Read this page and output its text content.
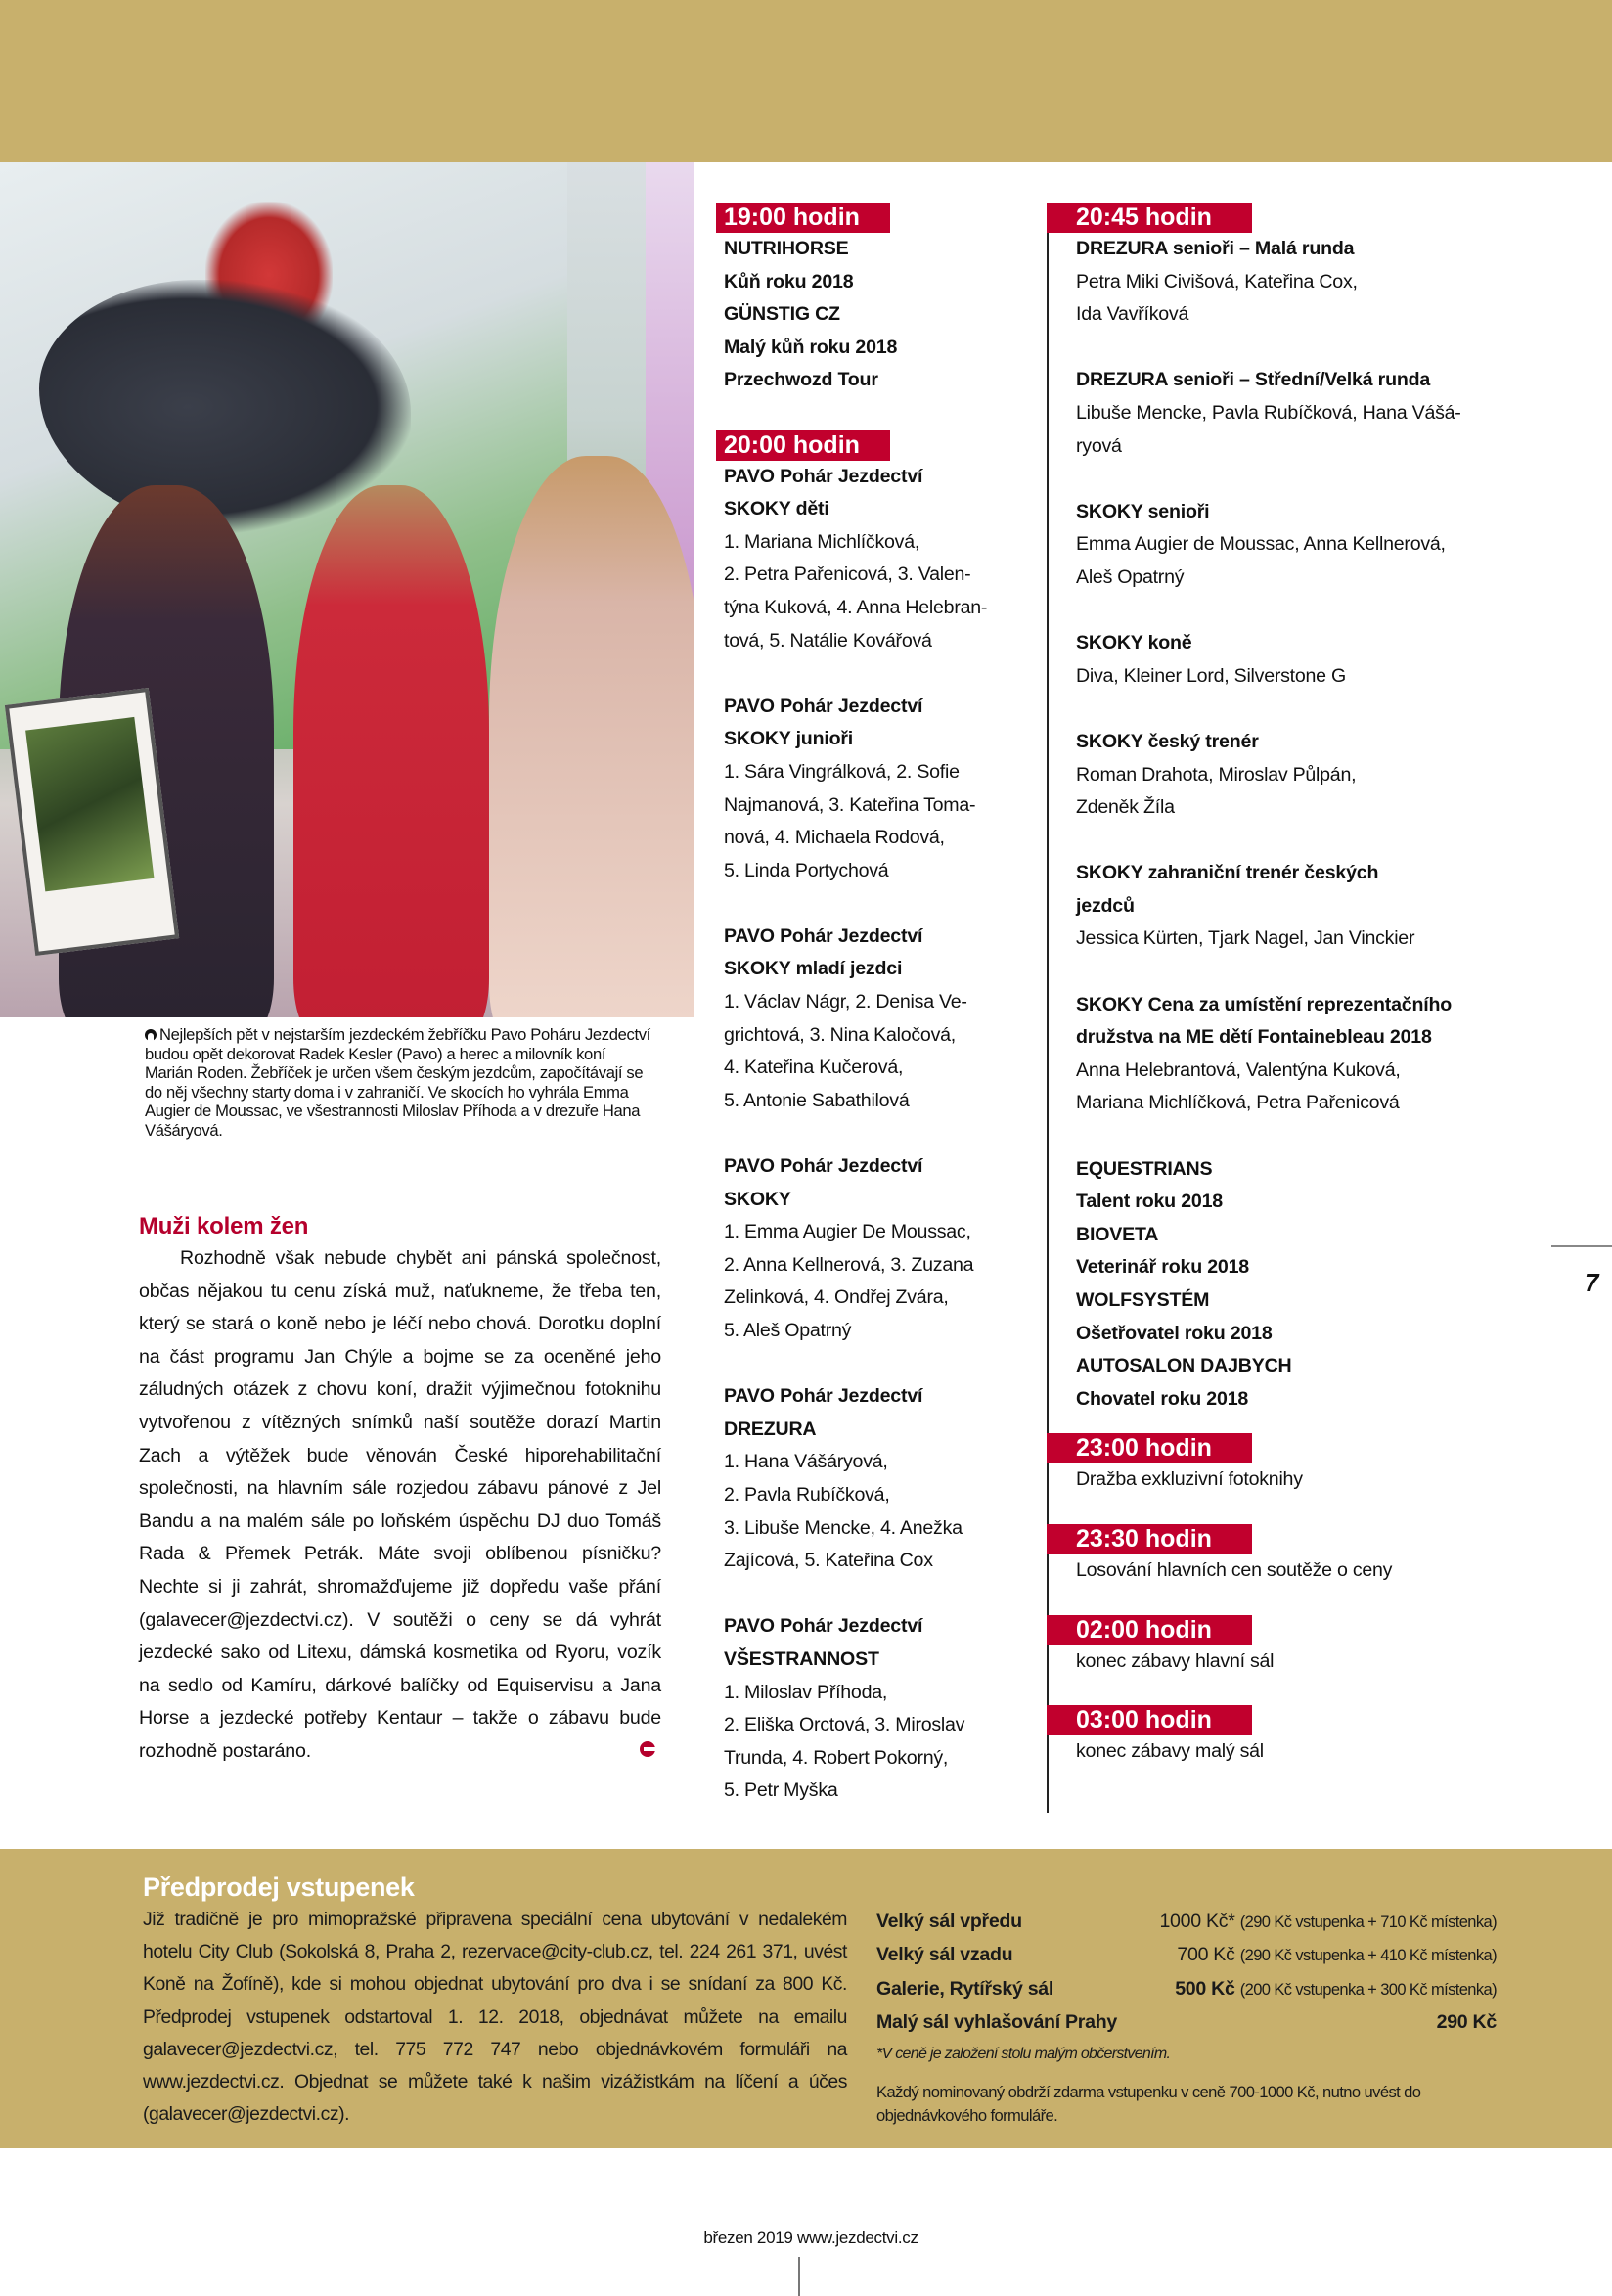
Nejlepších pět v nejstarším jezdeckém žebříčku Pavo Poháru Jezdectví budou opět dekorovat Radek Kesler (Pavo) a herec a milovník koní Marián Roden. Žebříček je určen všem českým jezdcům, započítávají se do něj všechny starty doma i v zahraničí. Ve skocích ho vyhrála Emma Augier de Moussac, ve všestrannosti Miloslav Příhoda a v drezuře Hana Vášáryová.
Muži kolem žen

Rozhodně však nebude chybět ani pánská společnost, občas nějakou tu cenu získá muž, naťukneme, že třeba ten, který se stará o koně nebo je léčí nebo chová. Dorotku doplní na část programu Jan Chýle a bojme se za oceněné jeho záludných otázek z chovu koní, dražit výjimečnou fotoknihu vytvořenou z vítězných snímků naší soutěže dorazí Martin Zach a výtěžek bude věnován České hiporehabilitační společnosti, na hlavním sále rozjedou zábavu pánové z Jel Bandu a na malém sále po loňském úspěchu DJ duo Tomáš Rada & Přemek Petrák. Máte svoji oblíbenou písničku? Nechte si ji zahrát, shromažďujeme již dopředu vaše přání (galavecer@jezdectvi.cz). V soutěži o ceny se dá vyhrát jezdecké sako od Litexu, dámská kosmetika od Ryoru, vozík na sedlo od Kamíru, dárkové balíčky od Equiservisu a Jana Horse a jezdecké potřeby Kentaur – takže o zábavu bude rozhodně postaráno.

19:00 hodin
NUTRIHORSE
Kůň roku 2018
GÜNSTIG CZ
Malý kůň roku 2018
Przechwozd Tour
20:00 hodin
PAVO Pohár Jezdectví
SKOKY děti
1. Mariana Michlíčková,
2. Petra Pařenicová, 3. Valen-
týna Kuková, 4. Anna Helebran-
tová, 5. Natálie Kovářová
PAVO Pohár Jezdectví
SKOKY junioři
1. Sára Vingrálková, 2. Sofie
Najmanová, 3. Kateřina Toma-
nová, 4. Michaela Rodová,
5. Linda Portychová
PAVO Pohár Jezdectví
SKOKY mladí jezdci
1. Václav Nágr, 2. Denisa Ve-
grichtová, 3. Nina Kaločová,
4. Kateřina Kučerová,
5. Antonie Sabathilová
PAVO Pohár Jezdectví
SKOKY
1. Emma Augier De Moussac,
2. Anna Kellnerová, 3. Zuzana
Zelinková, 4. Ondřej Zvára,
5. Aleš Opatrný
PAVO Pohár Jezdectví
DREZURA
1. Hana Vášáryová,
2. Pavla Rubíčková,
3. Libuše Mencke, 4. Anežka
Zajícová, 5. Kateřina Cox
PAVO Pohár Jezdectví
VŠESTRANNOST
1. Miloslav Příhoda,
2. Eliška Orctová, 3. Miroslav
Trunda, 4. Robert Pokorný,
5. Petr Myška
20:45 hodin
DREZURA senioři – Malá runda
Petra Miki Civišová, Kateřina Cox,
Ida Vavříková
DREZURA senioři – Střední/Velká runda
Libuše Mencke, Pavla Rubíčková, Hana Vášá-
ryová
SKOKY senioři
Emma Augier de Moussac, Anna Kellnerová,
Aleš Opatrný
SKOKY koně
Diva, Kleiner Lord, Silverstone G
SKOKY český trenér
Roman Drahota, Miroslav Půlpán,
Zdeněk Žíla
SKOKY zahraniční trenér českých
jezdců
Jessica Kürten, Tjark Nagel, Jan Vinckier
SKOKY Cena za umístění reprezentačního
družstva na ME dětí Fontainebleau 2018
Anna Helebrantová, Valentýna Kuková,
Mariana Michlíčková, Petra Pařenicová
EQUESTRIANS
Talent roku 2018
BIOVETA
Veterinář roku 2018
WOLFSYSTÉM
Ošetřovatel roku 2018
AUTOSALON DAJBYCH
Chovatel roku 2018
23:00 hodin
Dražba exkluzivní fotoknihy
23:30 hodin
Losování hlavních cen soutěže o ceny
02:00 hodin
konec zábavy hlavní sál
03:00 hodin
konec zábavy malý sál
7
Předprodej vstupenek

Již tradičně je pro mimopražské připravena speciální cena ubytování v nedalekém hotelu City Club (Sokolská 8, Praha 2, rezervace@city-club.cz, tel. 224 261 371, uvést Koně na Žofíně), kde si mohou objednat ubytování pro dva i se snídaní za 800 Kč. Předprodej vstupenek odstartoval 1. 12. 2018, objednávat můžete na emailu galavecer@jezdectvi.cz, tel. 775 772 747 nebo objednávkovém formuláři na www.jezdectvi.cz. Objednat se můžete také k našim vizážistkám na líčení a účes (galavecer@jezdectvi.cz).

Velký sál vpředu	1000 Kč* (290 Kč vstupenka + 710 Kč místenka)
Velký sál vzadu	700 Kč (290 Kč vstupenka + 410 Kč místenka)
Galerie, Rytířský sál	500 Kč (200 Kč vstupenka + 300 Kč místenka)
Malý sál vyhlašování Prahy	290 Kč
*V ceně je založení stolu malým občerstvením.
Každý nominovaný obdrží zdarma vstupenku v ceně 700-1000 Kč, nutno uvést do objednávkového formuláře.
březen 2019 www.jezdectvi.cz
